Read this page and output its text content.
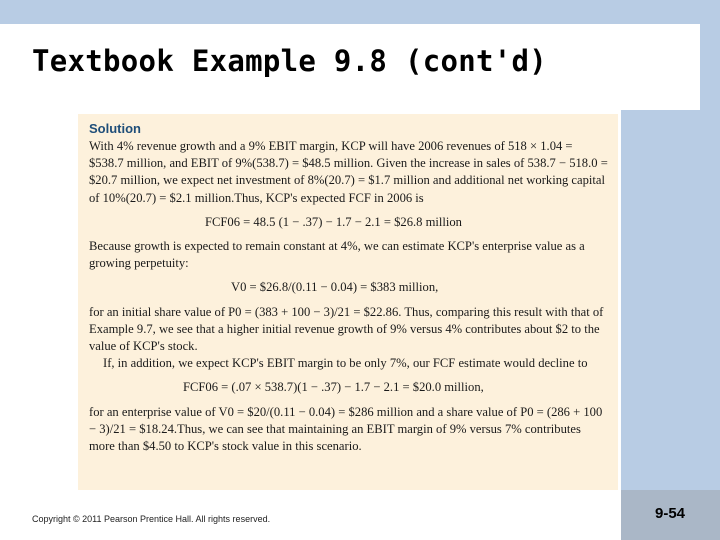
Textbook Example 9.8 (cont'd)
Solution

With 4% revenue growth and a 9% EBIT margin, KCP will have 2006 revenues of 518 × 1.04 = $538.7 million, and EBIT of 9%(538.7) = $48.5 million. Given the increase in sales of 538.7 − 518.0 = $20.7 million, we expect net investment of 8%(20.7) = $1.7 million and additional net working capital of 10%(20.7) = $2.1 million.Thus, KCP's expected FCF in 2006 is

FCF06 = 48.5 (1 − .37) − 1.7 − 2.1 = $26.8 million

Because growth is expected to remain constant at 4%, we can estimate KCP's enterprise value as a growing perpetuity:

V0 = $26.8/(0.11 − 0.04) = $383 million,

for an initial share value of P0 = (383 + 100 − 3)/21 = $22.86. Thus, comparing this result with that of Example 9.7, we see that a higher initial revenue growth of 9% versus 4% contributes about $2 to the value of KCP's stock.

If, in addition, we expect KCP's EBIT margin to be only 7%, our FCF estimate would decline to

FCF06 = (.07 × 538.7)(1 − .37) − 1.7 − 2.1 = $20.0 million,

for an enterprise value of V0 = $20/(0.11 − 0.04) = $286 million and a share value of P0 = (286 + 100 − 3)/21 = $18.24.Thus, we can see that maintaining an EBIT margin of 9% versus 7% contributes more than $4.50 to KCP's stock value in this scenario.

Copyright © 2011 Pearson Prentice Hall. All rights reserved.	9-54
